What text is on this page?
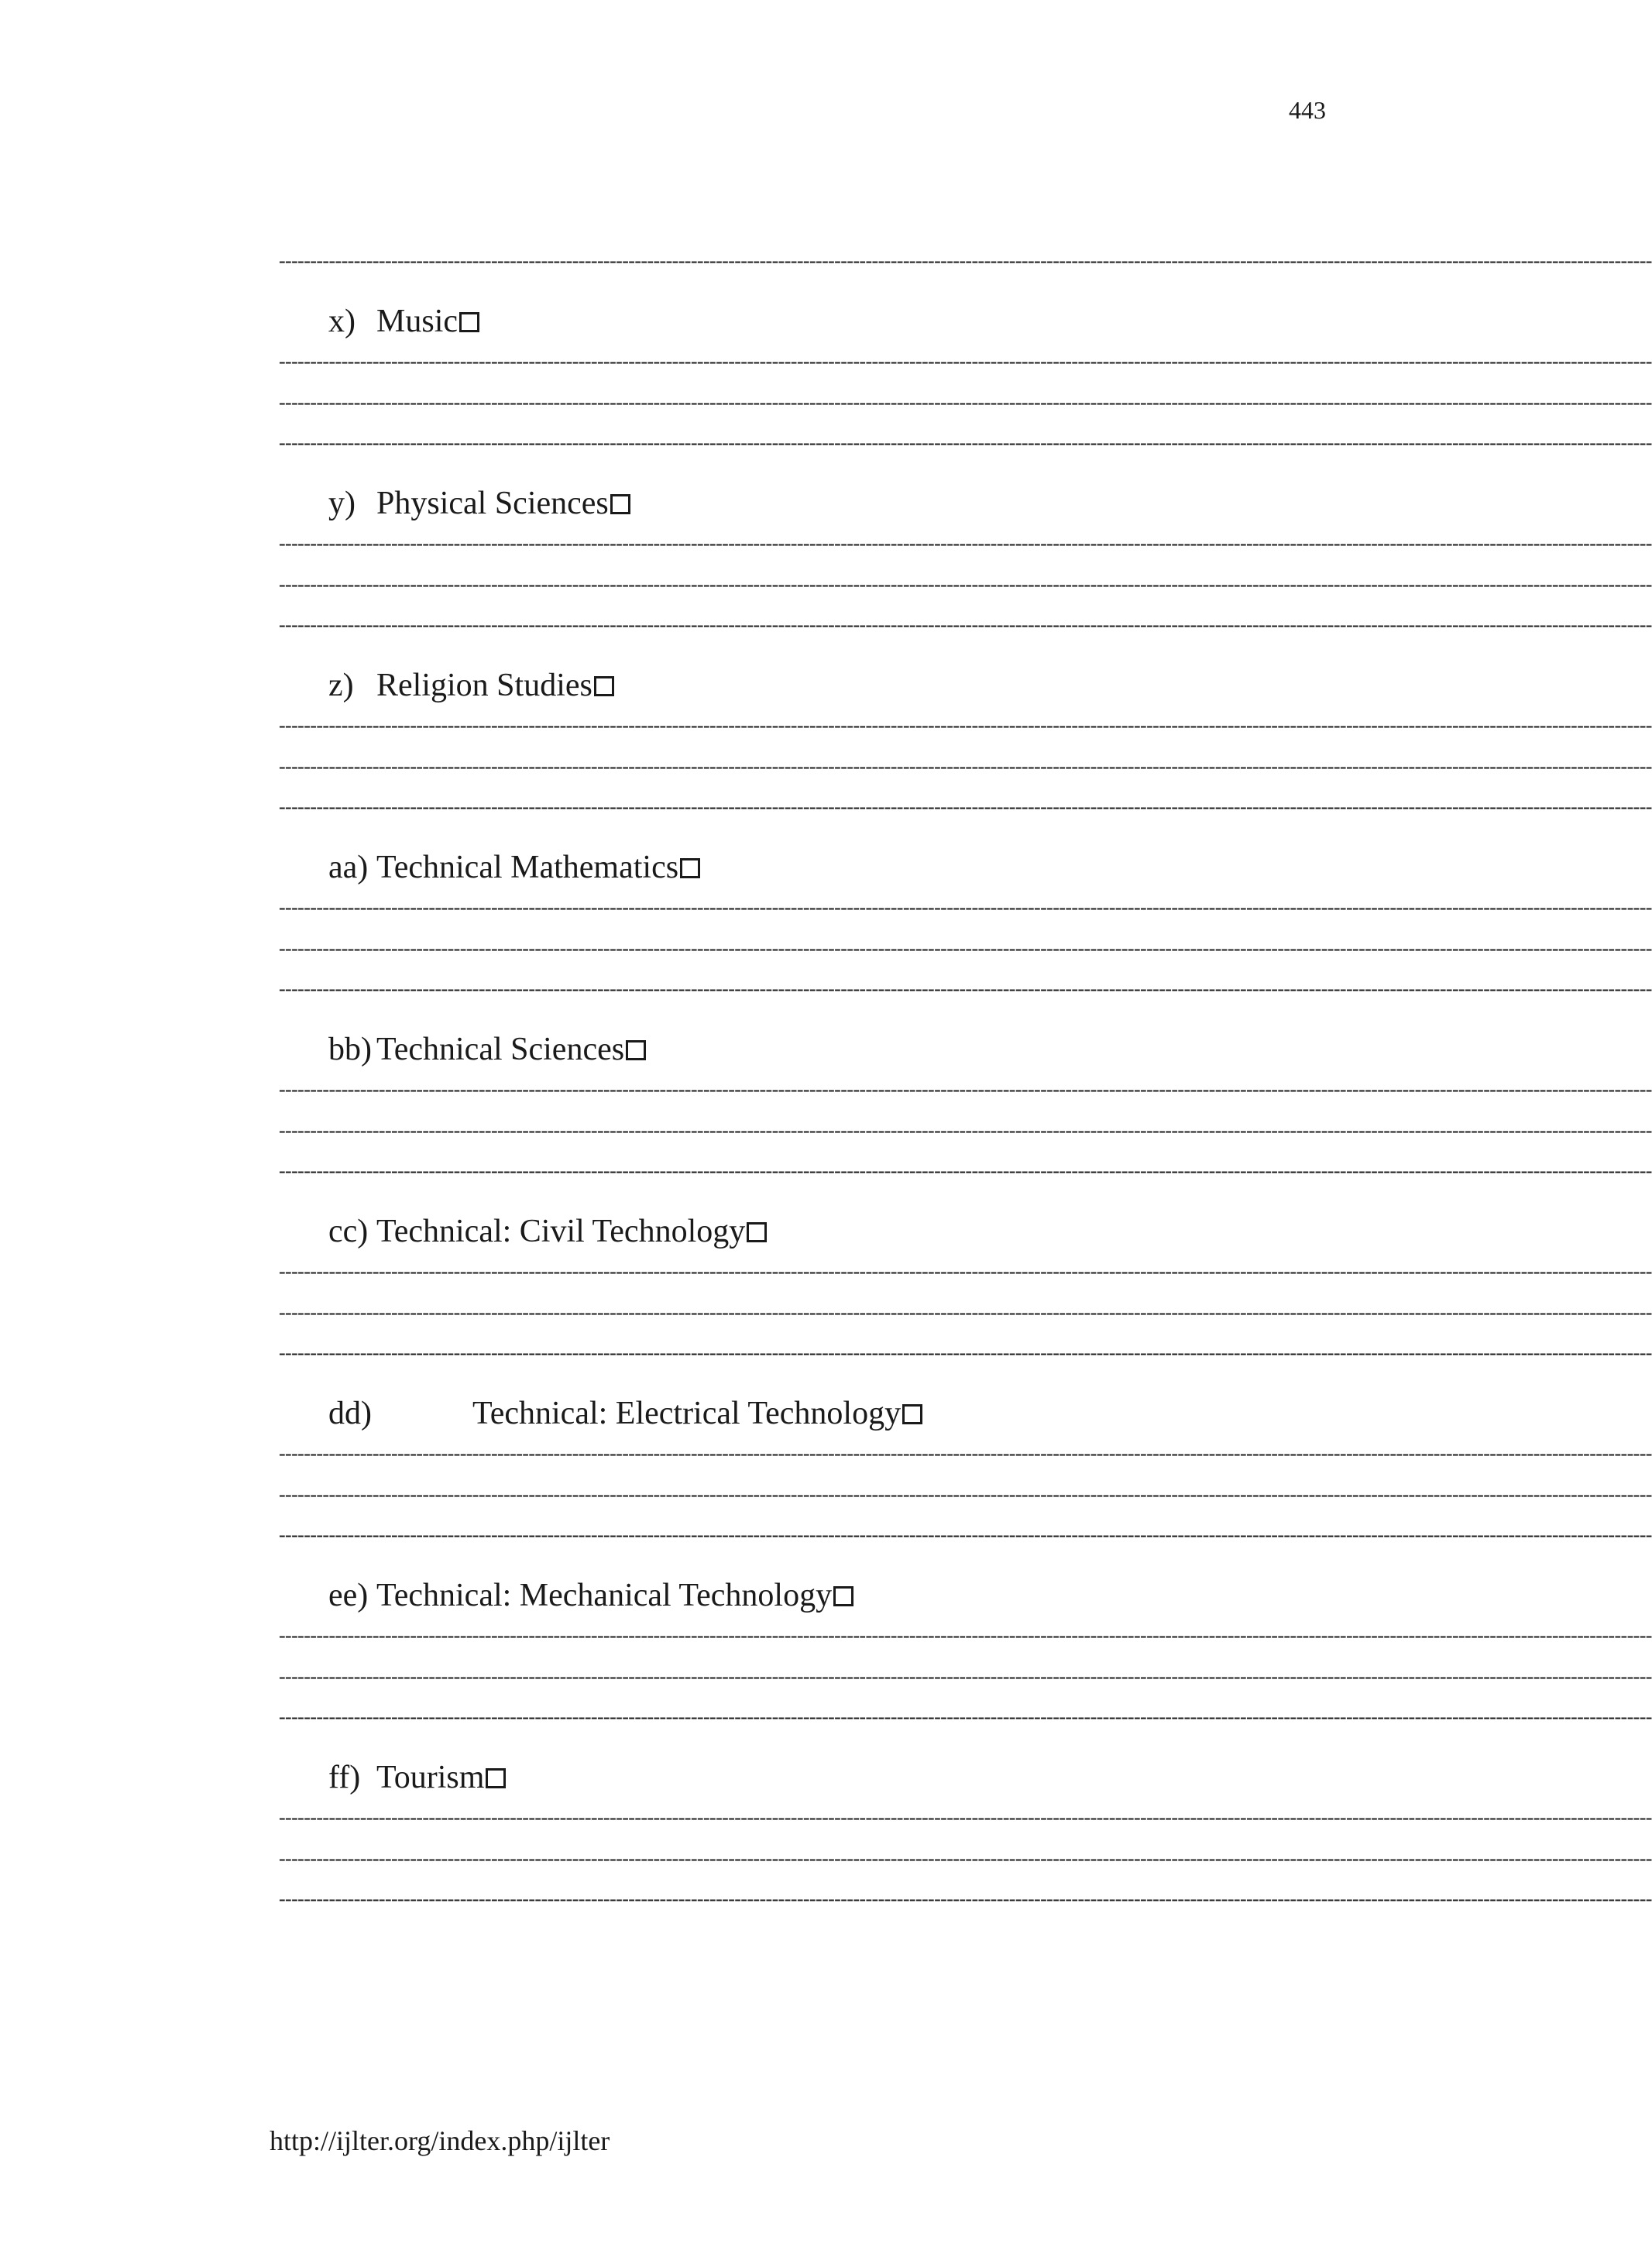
443
----------------------------------------------------------------------------------------------------------------------------------------------------------------------------------------------------------------------------
x) Music
----------------------------------------------------------------------------------------------------------------------------------------------------------------------------------------------------------------------------
----------------------------------------------------------------------------------------------------------------------------------------------------------------------------------------------------------------------------
----------------------------------------------------------------------------------------------------------------------------------------------------------------------------------------------------------------------------
y) Physical Sciences
----------------------------------------------------------------------------------------------------------------------------------------------------------------------------------------------------------------------------
----------------------------------------------------------------------------------------------------------------------------------------------------------------------------------------------------------------------------
----------------------------------------------------------------------------------------------------------------------------------------------------------------------------------------------------------------------------
z) Religion Studies
----------------------------------------------------------------------------------------------------------------------------------------------------------------------------------------------------------------------------
----------------------------------------------------------------------------------------------------------------------------------------------------------------------------------------------------------------------------
----------------------------------------------------------------------------------------------------------------------------------------------------------------------------------------------------------------------------
aa) Technical Mathematics
----------------------------------------------------------------------------------------------------------------------------------------------------------------------------------------------------------------------------
----------------------------------------------------------------------------------------------------------------------------------------------------------------------------------------------------------------------------
----------------------------------------------------------------------------------------------------------------------------------------------------------------------------------------------------------------------------
bb) Technical Sciences
----------------------------------------------------------------------------------------------------------------------------------------------------------------------------------------------------------------------------
----------------------------------------------------------------------------------------------------------------------------------------------------------------------------------------------------------------------------
----------------------------------------------------------------------------------------------------------------------------------------------------------------------------------------------------------------------------
cc) Technical: Civil Technology
----------------------------------------------------------------------------------------------------------------------------------------------------------------------------------------------------------------------------
----------------------------------------------------------------------------------------------------------------------------------------------------------------------------------------------------------------------------
----------------------------------------------------------------------------------------------------------------------------------------------------------------------------------------------------------------------------
dd)	Technical: Electrical Technology
----------------------------------------------------------------------------------------------------------------------------------------------------------------------------------------------------------------------------
----------------------------------------------------------------------------------------------------------------------------------------------------------------------------------------------------------------------------
----------------------------------------------------------------------------------------------------------------------------------------------------------------------------------------------------------------------------
ee) Technical: Mechanical Technology
----------------------------------------------------------------------------------------------------------------------------------------------------------------------------------------------------------------------------
----------------------------------------------------------------------------------------------------------------------------------------------------------------------------------------------------------------------------
----------------------------------------------------------------------------------------------------------------------------------------------------------------------------------------------------------------------------
ff) Tourism
----------------------------------------------------------------------------------------------------------------------------------------------------------------------------------------------------------------------------
----------------------------------------------------------------------------------------------------------------------------------------------------------------------------------------------------------------------------
----------------------------------------------------------------------------------------------------------------------------------------------------------------------------------------------------------------------------
http://ijlter.org/index.php/ijlter
